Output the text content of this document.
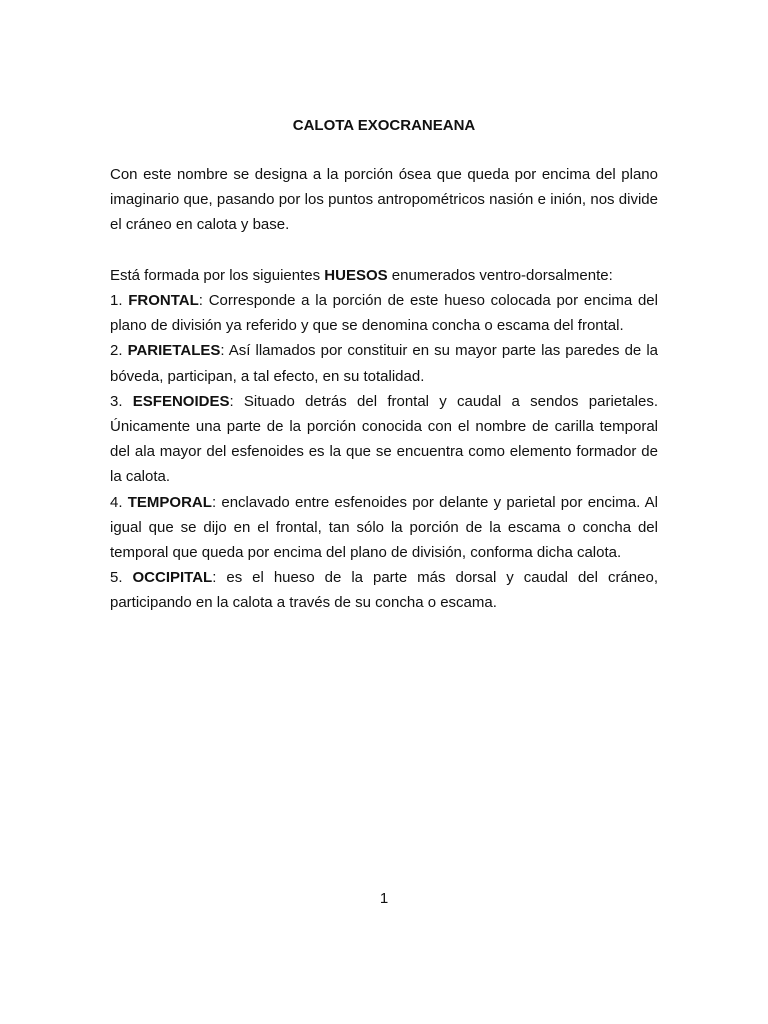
CALOTA EXOCRANEANA

Con este nombre se designa a la porción ósea que queda por encima del plano imaginario que, pasando por los puntos antropométricos nasión e inión, nos divide el cráneo en calota y base.

Está formada por los siguientes HUESOS enumerados ventro-dorsalmente:

1. FRONTAL: Corresponde a la porción de este hueso colocada por encima del plano de división ya referido y que se denomina concha o escama del frontal.

2. PARIETALES: Así llamados por constituir en su mayor parte las paredes de la bóveda, participan, a tal efecto, en su totalidad.

3. ESFENOIDES: Situado detrás del frontal y caudal a sendos parietales. Únicamente una parte de la porción conocida con el nombre de carilla temporal del ala mayor del esfenoides es la que se encuentra como elemento formador de la calota.

4. TEMPORAL: enclavado entre esfenoides por delante y parietal por encima. Al igual que se dijo en el frontal, tan sólo la porción de la escama o concha del temporal que queda por encima del plano de división, conforma dicha calota.

5. OCCIPITAL: es el hueso de la parte más dorsal y caudal del cráneo, participando en la calota a través de su concha o escama.

1
